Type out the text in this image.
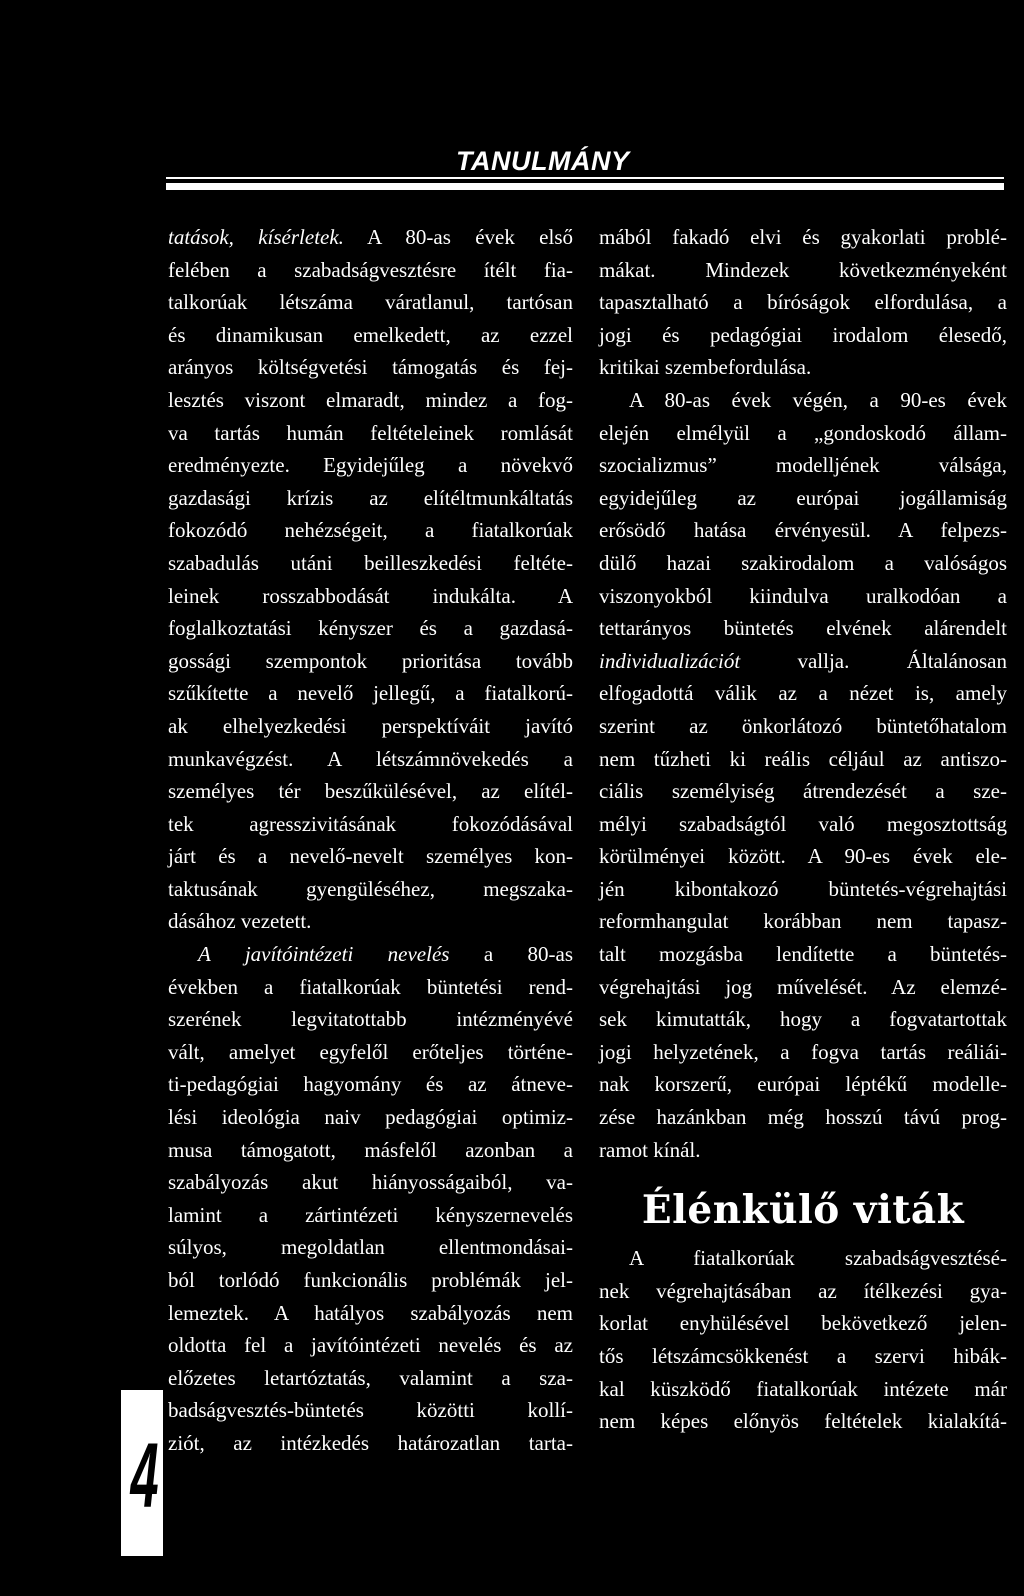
TANULMÁNY
tatások, kísérletek. A 80-as évek első
felében a szabadságvesztésre ítélt fia-
talkorúak létszáma váratlanul, tartósan
és dinamikusan emelkedett, az ezzel
arányos költségvetési támogatás és fej-
lesztés viszont elmaradt, mindez a fog-
va tartás humán feltételeinek romlását
eredményezte. Egyidejűleg a növekvő
gazdasági krízis az elítéltmunkáltatás
fokozódó nehézségeit, a fiatalkorúak
szabadulás utáni beilleszkedési feltéte-
leinek rosszabbodását indukálta. A
foglalkoztatási kényszer és a gazdasá-
gossági szempontok prioritása tovább
szűkítette a nevelő jellegű, a fiatalkorú-
ak elhelyezkedési perspektíváit javító
munkavégzést. A létszámnövekedés a
személyes tér beszűkülésével, az elítél-
tek agresszivitásának fokozódásával
járt és a nevelő-nevelt személyes kon-
taktusának gyengüléséhez, megszaka-
dásához vezetett.
A javítóintézeti nevelés a 80-as
években a fiatalkorúak büntetési rend-
szerének legvitatottabb intézményévé
vált, amelyet egyfelől erőteljes történe-
ti-pedagógiai hagyomány és az átneve-
lési ideológia naiv pedagógiai optimiz-
musa támogatott, másfelől azonban a
szabályozás akut hiányosságaiból, va-
lamint a zártintézeti kényszernevelés
súlyos, megoldatlan ellentmondásai-
ból torlódó funkcionális problémák jel-
lemeztek. A hatályos szabályozás nem
oldotta fel a javítóintézeti nevelés és az
előzetes letartóztatás, valamint a sza-
badságvesztés-büntetés közötti kollí-
ziót, az intézkedés határozatlan tarta-
mából fakadó elvi és gyakorlati problé-
mákat. Mindezek következményeként
tapasztalható a bíróságok elfordulása, a
jogi és pedagógiai irodalom élesedő,
kritikai szembefordulása.
A 80-as évek végén, a 90-es évek
elején elmélyül a „gondoskodó állam-
szocializmus” modelljének válsága,
egyidejűleg az európai jogállamiság
erősödő hatása érvényesül. A felpezs-
dülő hazai szakirodalom a valóságos
viszonyokból kiindulva uralkodóan a
tettarányos büntetés elvének alárendelt
individualizációt vallja. Általánosan
elfogadottá válik az a nézet is, amely
szerint az önkorlátozó büntetőhatalom
nem tűzheti ki reális céljául az antiszo-
ciális személyiség átrendezését a sze-
mélyi szabadságtól való megosztottság
körülményei között. A 90-es évek ele-
jén kibontakozó büntetés-végrehajtási
reformhangulat korábban nem tapasz-
talt mozgásba lendítette a büntetés-
végrehajtási jog művelését. Az elemzé-
sek kimutatták, hogy a fogvatartottak
jogi helyzetének, a fogva tartás reáliái-
nak korszerű, európai léptékű modelle-
zése hazánkban még hosszú távú prog-
ramot kínál.
Élénkülő viták
A fiatalkorúak szabadságvesztésé-
nek végrehajtásában az ítélkezési gya-
korlat enyhülésével bekövetkező jelen-
tős létszámcsökkenést a szervi hibák-
kal küszködő fiatalkorúak intézete már
nem képes előnyös feltételek kialakítá-
4
